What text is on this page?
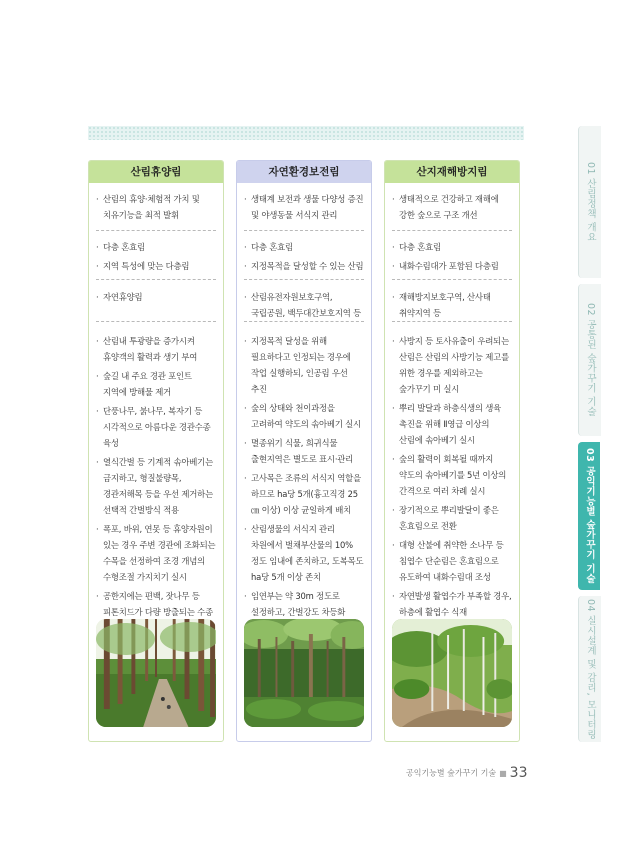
산림휴양림
· 산림의 휴양·체험적 가치 및 치유기능을 최적 발휘
· 다층 혼효림
· 지역 특성에 맞는 다층림
· 자연휴양림
· 산림내 투광량을 증가시켜 휴양객의 활력과 생기 부여
· 숲길 내 주요 경관 포인트 지역에 방해물 제거
· 단풍나무, 붉나무, 복자기 등 시각적으로 아름다운 경관수종 육성
· 열식간벌 등 기계적 솎아베기는 금지하고, 형질불량목, 경관저해목 등을 우선 제거하는 선택적 간벌방식 적용
· 폭포, 바위, 연못 등 휴양자원이 있는 경우 주변 경관에 조화되는 수목을 선정하여 조경 개념의 수형조절 가지치기 실시
· 공한지에는 편백, 잣나무 등 피톤치드가 다량 방출되는 수종
자연환경보전림
· 생태계 보전과 생물 다양성 증진 및 야생동물 서식지 관리
· 다층 혼효림
· 지정목적을 달성할 수 있는 산림
· 산림유전자원보호구역, 국립공원, 백두대간보호지역 등
· 지정목적 달성을 위해 필요하다고 인정되는 경우에 작업 실행하되, 인공림 우선 추진
· 숲의 상태와 천이과정을 고려하여 약도의 솎아베기 실시
· 멸종위기 식물, 희귀식물 출현지역은 별도로 표시·관리
· 고사목은 조류의 서식지 역할을 하므로 ha당 5개(흉고직경 25㎝ 이상) 이상 균일하게 배치
· 산림생물의 서식지 관리 차원에서 벌채부산물의 10%정도 임내에 존치하고, 도복목도 ha당 5개 이상 존치
· 임연부는 약 30m 정도로 설정하고, 간벌강도 차등화
·
산지재해방지림
· 생태적으로 건강하고 재해에 강한 숲으로 구조 개선
· 다층 혼효림
· 내화수림대가 포함된 다층림
· 재해방지보호구역, 산사태 취약지역 등
· 사방지 등 토사유출이 우려되는 산림은 산림의 사방기능 제고를 위한 경우를 제외하고는 숲가꾸기 미 실시
· 뿌리 발달과 하층식생의 생육 촉진을 위해 Ⅱ영급 이상의 산림에 솎아베기 실시
· 숲의 활력이 회복될 때까지 약도의 솎아베기를 5년 이상의 간격으로 여러 차례 실시
· 장기적으로 뿌리발달이 좋은 혼효림으로 전환
· 대형 산불에 취약한 소나무 등 침엽수 단순림은 혼효림으로 유도하여 내화수림대 조성
· 자연발생 활엽수가 부족할 경우, 하층에 활엽수 식재
·
01 산림정책 개요
02 공통된 숲가꾸기 기술
03 공익기능별 숲가꾸기 기술
04 실시설계 및 감리, 모니터링
공익기능별 숲가꾸기 기술 ■ 33
